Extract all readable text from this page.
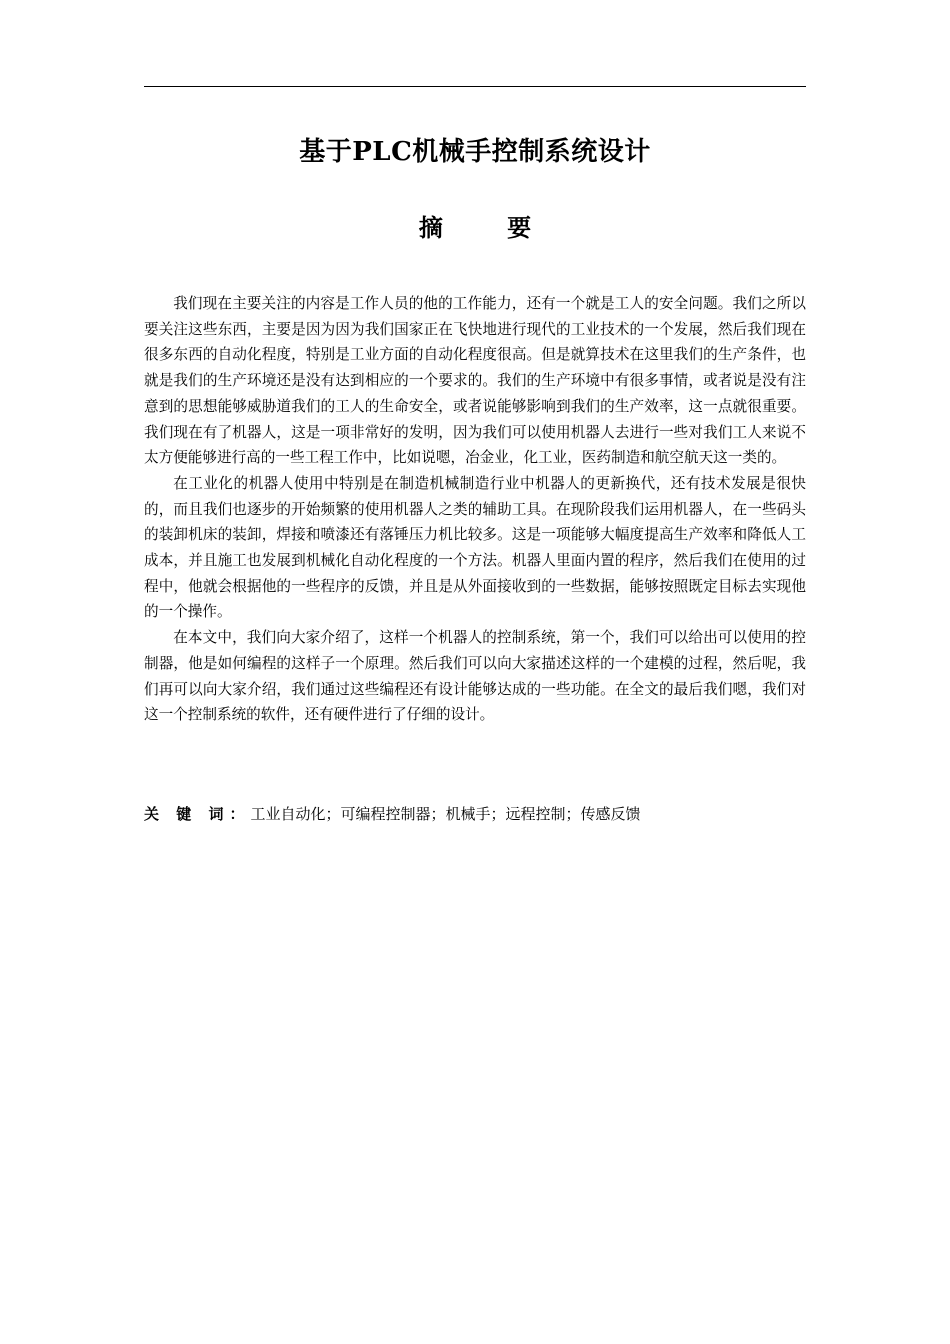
基于PLC机械手控制系统设计
摘 要

我们现在主要关注的内容是工作人员的他的工作能力，还有一个就是工人的安全问题。我们之所以要关注这些东西，主要是因为因为我们国家正在飞快地进行现代的工业技术的一个发展，然后我们现在很多东西的自动化程度，特别是工业方面的自动化程度很高。但是就算技术在这里我们的生产条件，也就是我们的生产环境还是没有达到相应的一个要求的。我们的生产环境中有很多事情，或者说是没有注意到的思想能够威胁道我们的工人的生命安全，或者说能够影响到我们的生产效率，这一点就很重要。我们现在有了机器人，这是一项非常好的发明，因为我们可以使用机器人去进行一些对我们工人来说不太方便能够进行高的一些工程工作中，比如说嗯，冶金业，化工业，医药制造和航空航天这一类的。

在工业化的机器人使用中特别是在制造机械制造行业中机器人的更新换代，还有技术发展是很快的，而且我们也逐步的开始频繁的使用机器人之类的辅助工具。在现阶段我们运用机器人，在一些码头的装卸机床的装卸，焊接和喷漆还有落锤压力机比较多。这是一项能够大幅度提高生产效率和降低人工成本，并且施工也发展到机械化自动化程度的一个方法。机器人里面内置的程序，然后我们在使用的过程中，他就会根据他的一些程序的反馈，并且是从外面接收到的一些数据，能够按照既定目标去实现他的一个操作。

在本文中，我们向大家介绍了，这样一个机器人的控制系统，第一个，我们可以给出可以使用的控制器，他是如何编程的这样子一个原理。然后我们可以向大家描述这样的一个建模的过程，然后呢，我们再可以向大家介绍，我们通过这些编程还有设计能够达成的一些功能。在全文的最后我们嗯，我们对这一个控制系统的软件，还有硬件进行了仔细的设计。

关 键 词：工业自动化；可编程控制器；机械手；远程控制；传感反馈
